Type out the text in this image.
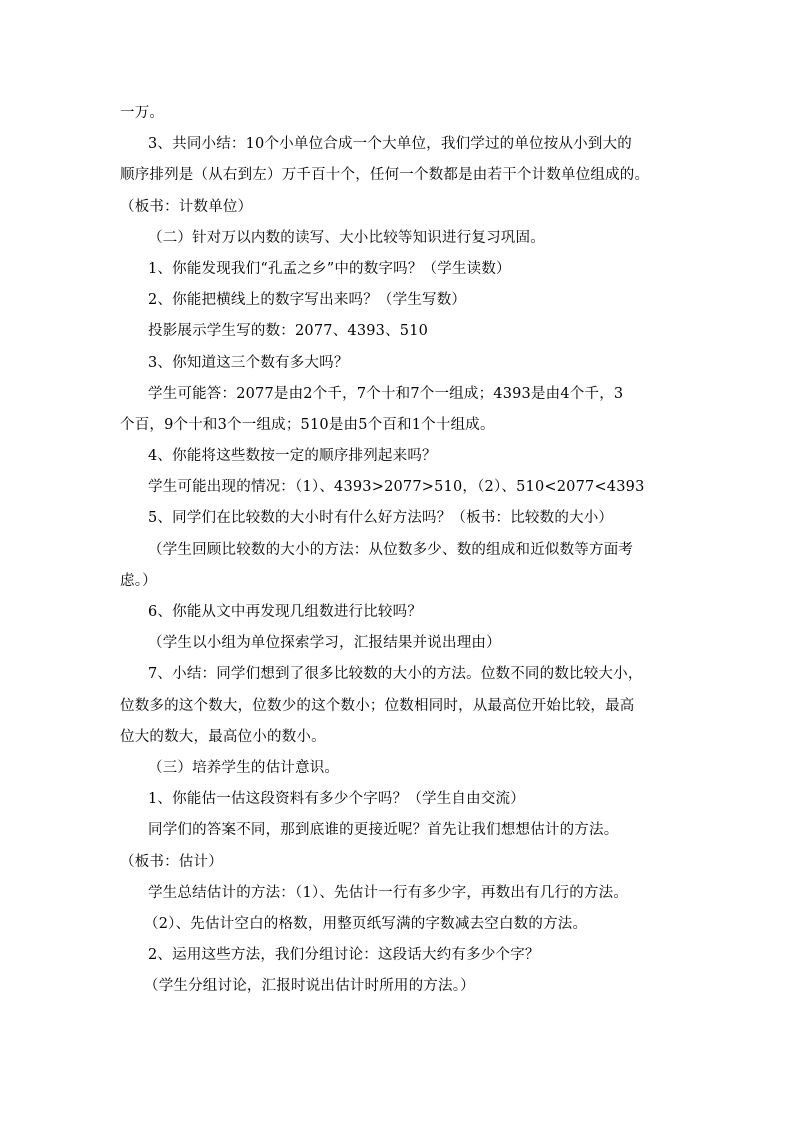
一万。
3、共同小结：10个小单位合成一个大单位，我们学过的单位按从小到大的
顺序排列是（从右到左）万千百十个，任何一个数都是由若干个计数单位组成的。
（板书：计数单位）
（二）针对万以内数的读写、大小比较等知识进行复习巩固。
1、你能发现我们“孔孟之乡”中的数字吗？（学生读数）
2、你能把横线上的数字写出来吗？（学生写数）
投影展示学生写的数：2077、4393、510
3、你知道这三个数有多大吗？
学生可能答：2077是由2个千，7个十和7个一组成；4393是由4个千，3
个百，9个十和3个一组成；510是由5个百和1个十组成。
4、你能将这些数按一定的顺序排列起来吗？
学生可能出现的情况：（1）、4393>2077>510，（2）、510<2077<4393
5、同学们在比较数的大小时有什么好方法吗？（板书：比较数的大小）
（学生回顾比较数的大小的方法：从位数多少、数的组成和近似数等方面考
虑。）
6、你能从文中再发现几组数进行比较吗？
（学生以小组为单位探索学习，汇报结果并说出理由）
7、小结：同学们想到了很多比较数的大小的方法。位数不同的数比较大小，
位数多的这个数大，位数少的这个数小；位数相同时，从最高位开始比较，最高
位大的数大，最高位小的数小。
（三）培养学生的估计意识。
1、你能估一估这段资料有多少个字吗？（学生自由交流）
同学们的答案不同，那到底谁的更接近呢？首先让我们想想估计的方法。
（板书：估计）
学生总结估计的方法：（1）、先估计一行有多少字，再数出有几行的方法。
（2）、先估计空白的格数，用整页纸写满的字数减去空白数的方法。
2、运用这些方法，我们分组讨论：这段话大约有多少个字？
（学生分组讨论，汇报时说出估计时所用的方法。）
